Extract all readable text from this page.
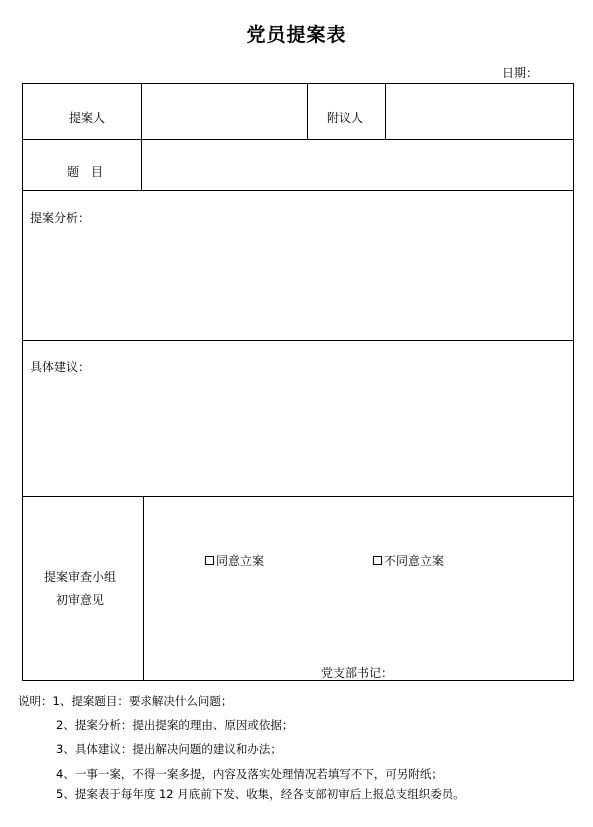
党员提案表
日期：
提案人	附议人
题　目
提案分析：
具体建议：
提案审查小组
初审意见
同意立案	不同意立案
党支部书记：
说明：1、提案题目：要求解决什么问题；
2、提案分析：提出提案的理由、原因或依据；
3、具体建议：提出解决问题的建议和办法；
4、一事一案，不得一案多提，内容及落实处理情况若填写不下，可另附纸；
5、提案表于每年度 12 月底前下发、收集，经各支部初审后上报总支组织委员。
